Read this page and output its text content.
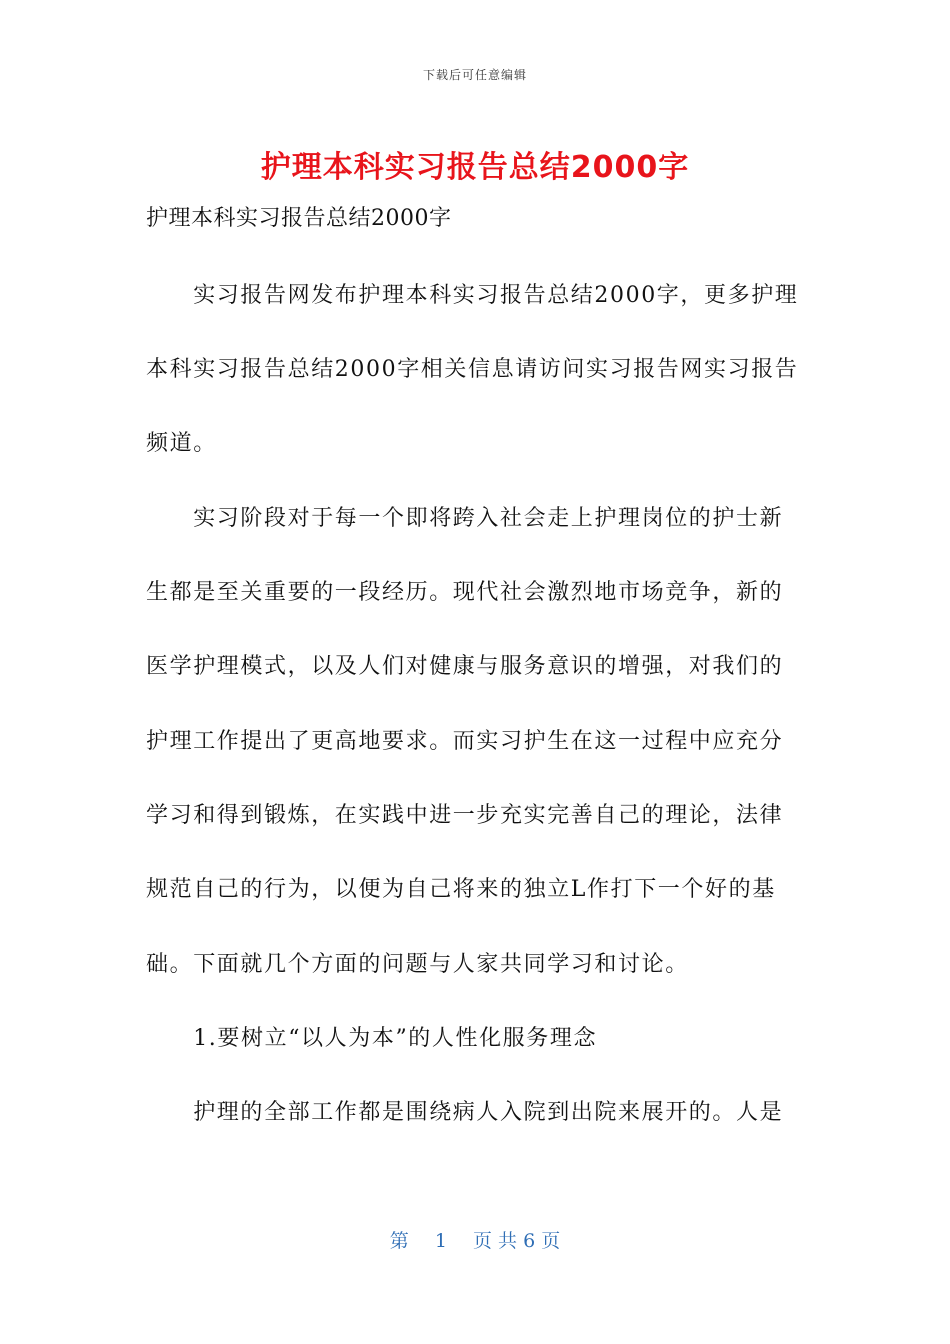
下载后可任意编辑
护理本科实习报告总结2000字
护理本科实习报告总结2000字
　　实习报告网发布护理本科实习报告总结2000字，更多护理
本科实习报告总结2000字相关信息请访问实习报告网实习报告
频道。
　　实习阶段对于每一个即将跨入社会走上护理岗位的护士新
生都是至关重要的一段经历。现代社会激烈地市场竞争，新的
医学护理模式，以及人们对健康与服务意识的增强，对我们的
护理工作提出了更高地要求。而实习护生在这一过程中应充分
学习和得到锻炼，在实践中进一步充实完善自己的理论，法律
规范自己的行为，以便为自己将来的独立L作打下一个好的基
础。下面就几个方面的问题与人家共同学习和讨论。
　　1.要树立“以人为本”的人性化服务理念
　　护理的全部工作都是围绕病人入院到出院来展开的。人是
第 1 页 共 6 页
